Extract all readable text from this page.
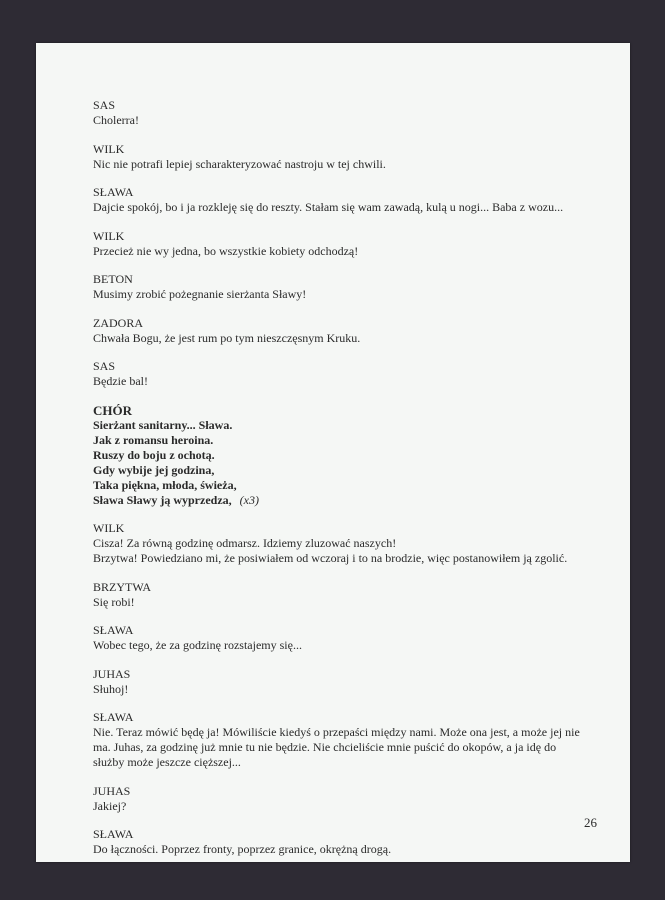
SAS
Cholerra!
WILK
Nic nie potrafi lepiej scharakteryzować nastroju w tej chwili.
SŁAWA
Dajcie spokój, bo i ja rozkleję się do reszty. Stałam się wam zawadą, kulą u nogi... Baba z wozu...
WILK
Przecież nie wy jedna, bo wszystkie kobiety odchodzą!
BETON
Musimy zrobić pożegnanie sierżanta Sławy!
ZADORA
Chwała Bogu, że jest rum po tym nieszczęsnym Kruku.
SAS
Będzie bal!
CHÓR
Sierżant sanitarny... Sława.
Jak z romansu heroina.
Ruszy do boju z ochotą.
Gdy wybije jej godzina,
Taka piękna, młoda, świeża,
Sława Sławy ją wyprzedza, (x3)
WILK
Cisza! Za równą godzinę odmarsz. Idziemy zluzować naszych!
Brzytwa! Powiedziano mi, że posiwiałem od wczoraj i to na brodzie, więc postanowiłem ją zgolić.
BRZYTWA
Się robi!
SŁAWA
Wobec tego, że za godzinę rozstajemy się...
JUHAS
Słuhoj!
SŁAWA
Nie. Teraz mówić będę ja! Mówiliście kiedyś o przepaści między nami. Może ona jest, a może jej nie
ma. Juhas, za godzinę już mnie tu nie będzie. Nie chcieliście mnie puścić do okopów, a ja idę do
służby może jeszcze cięższej...
JUHAS
Jakiej?
SŁAWA
Do łączności. Poprzez fronty, poprzez granice, okrężną drogą.
26
